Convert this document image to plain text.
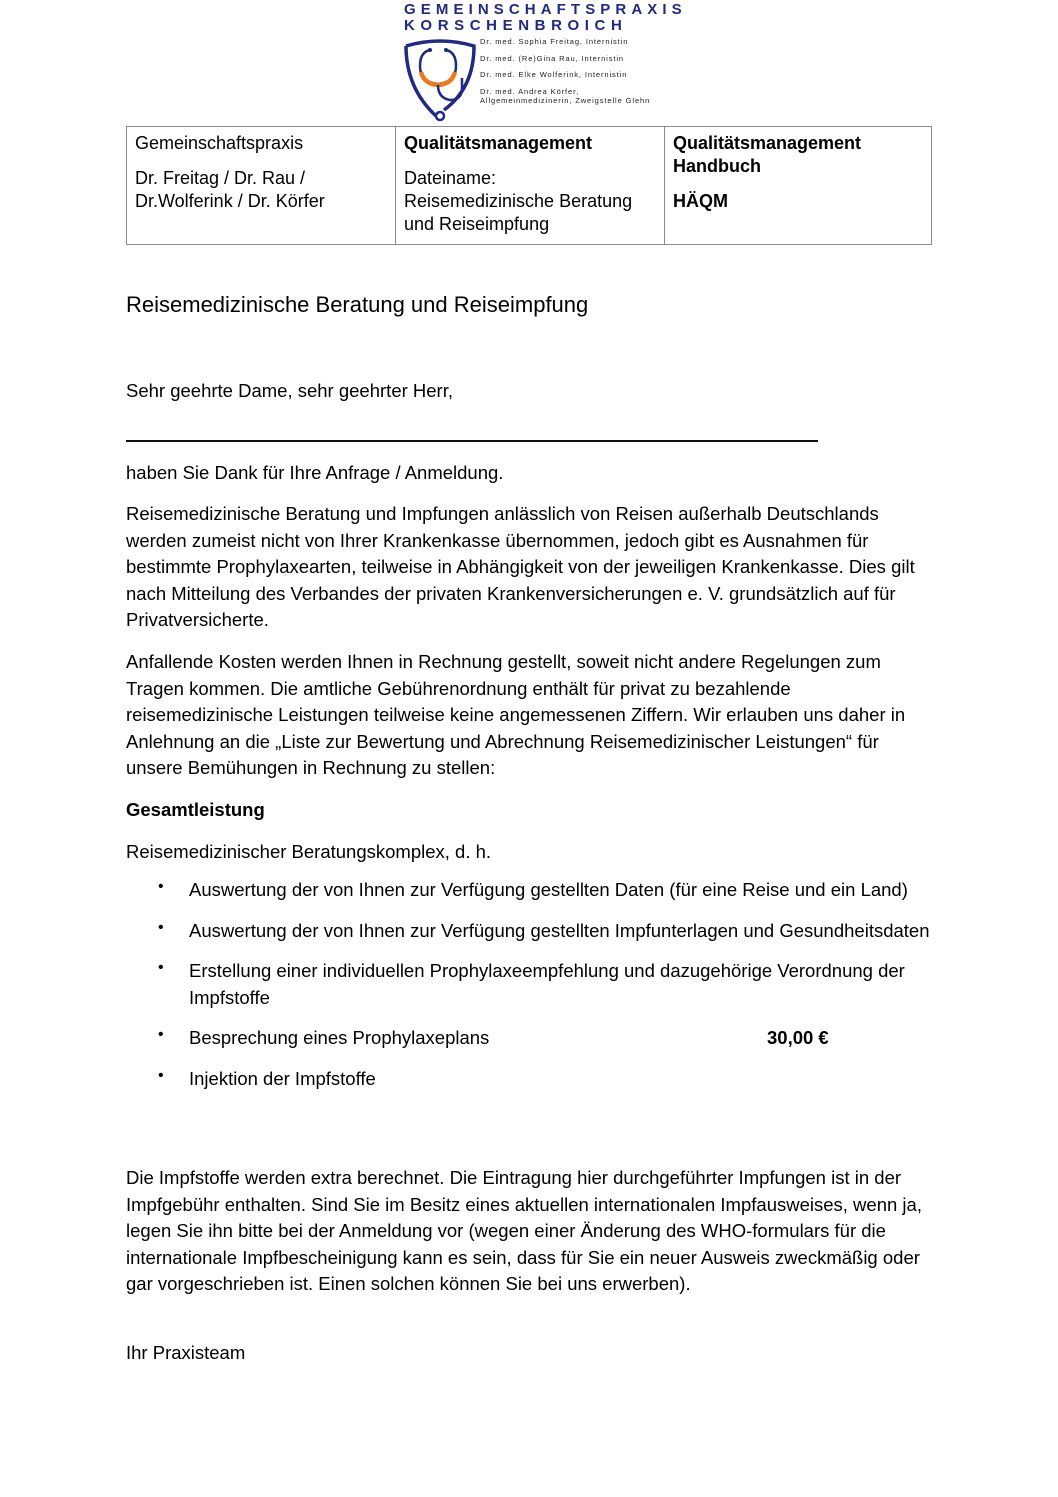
GEMEINSCHAFTSPRAXIS
KORSCHENBROICH
Dr. med. Sophia Freitag, Internistin
Dr. med. (Re)Gina Rau, Internistin
Dr. med. Elke Wolferink, Internistin
Dr. med. Andrea Körfer,
Allgemeinmedizinerin, Zweigstelle Glehn
Gemeinschaftspraxis
Dr. Freitag / Dr. Rau /
Dr.Wolferink / Dr. Körfer

Qualitätsmanagement
Dateiname:
Reisemedizinische Beratung
und Reiseimpfung

Qualitätsmanagement
Handbuch
HÄQM
Reisemedizinische Beratung und Reiseimpfung
Sehr geehrte Dame, sehr geehrter Herr,
haben Sie Dank für Ihre Anfrage / Anmeldung.
Reisemedizinische Beratung und Impfungen anlässlich von Reisen außerhalb Deutschlands werden zumeist nicht von Ihrer Krankenkasse übernommen, jedoch gibt es Ausnahmen für bestimmte Prophylaxearten, teilweise in Abhängigkeit von der jeweiligen Krankenkasse. Dies gilt nach Mitteilung des Verbandes der privaten Krankenversicherungen e. V. grundsätzlich auf für Privatversicherte.
Anfallende Kosten werden Ihnen in Rechnung gestellt, soweit nicht andere Regelungen zum Tragen kommen. Die amtliche Gebührenordnung enthält für privat zu bezahlende reisemedizinische Leistungen teilweise keine angemessenen Ziffern. Wir erlauben uns daher in Anlehnung an die „Liste zur Bewertung und Abrechnung Reisemedizinischer Leistungen“ für unsere Bemühungen in Rechnung zu stellen:
Gesamtleistung
Reisemedizinischer Beratungskomplex, d. h.
• Auswertung der von Ihnen zur Verfügung gestellten Daten (für eine Reise und ein Land)
• Auswertung der von Ihnen zur Verfügung gestellten Impfunterlagen und Gesundheitsdaten
• Erstellung einer individuellen Prophylaxeempfehlung und dazugehörige Verordnung der Impfstoffe
• Besprechung eines Prophylaxeplans	30,00 €
• Injektion der Impfstoffe
Die Impfstoffe werden extra berechnet. Die Eintragung hier durchgeführter Impfungen ist in der Impfgebühr enthalten. Sind Sie im Besitz eines aktuellen internationalen Impfausweises, wenn ja, legen Sie ihn bitte bei der Anmeldung vor (wegen einer Änderung des WHO-formulars für die internationale Impfbescheinigung kann es sein, dass für Sie ein neuer Ausweis zweckmäßig oder gar vorgeschrieben ist. Einen solchen können Sie bei uns erwerben).
Ihr Praxisteam
